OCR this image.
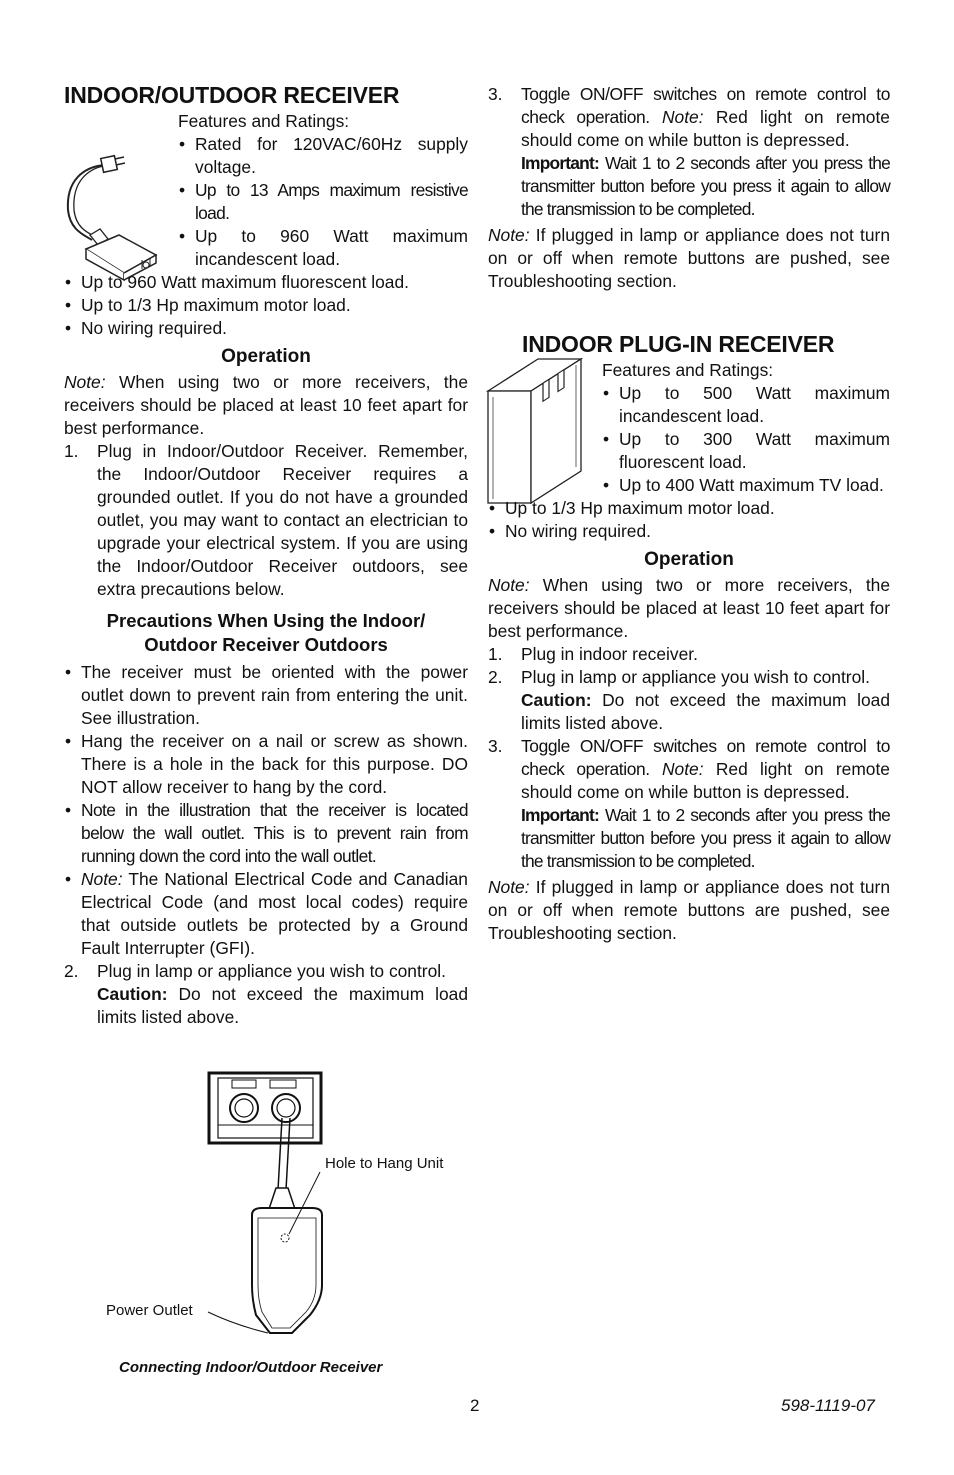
INDOOR/OUTDOOR RECEIVER
Features and Ratings:
• Rated for 120VAC/60Hz supply voltage.
• Up to 13 Amps maximum resistive load.
• Up to 960 Watt maximum incandescent load.
• Up to 960 Watt maximum fluorescent load.
• Up to 1/3 Hp maximum motor load.
• No wiring required.
Operation

Note: When using two or more receivers, the receivers should be placed at least 10 feet apart for best performance.

1. Plug in Indoor/Outdoor Receiver. Remember, the Indoor/Outdoor Receiver requires a grounded outlet. If you do not have a grounded outlet, you may want to contact an electrician to upgrade your electrical system. If you are using the Indoor/Outdoor Receiver outdoors, see extra precautions below.
Precautions When Using the Indoor/
Outdoor Receiver Outdoors
• The receiver must be oriented with the power outlet down to prevent rain from entering the unit. See illustration.
• Hang the receiver on a nail or screw as shown. There is a hole in the back for this purpose. DO NOT allow receiver to hang by the cord.
• Note in the illustration that the receiver is located below the wall outlet. This is to prevent rain from running down the cord into the wall outlet.
• Note: The National Electrical Code and Canadian Electrical Code (and most local codes) require that outside outlets be protected by a Ground Fault Interrupter (GFI).
2. Plug in lamp or appliance you wish to control.
Caution: Do not exceed the maximum load limits listed above.
Hole to Hang Unit
Power Outlet
Connecting Indoor/Outdoor Receiver
3. Toggle ON/OFF switches on remote control to check operation. Note: Red light on remote should come on while button is depressed.
Important: Wait 1 to 2 seconds after you press the transmitter button before you press it again to allow the transmission to be completed.

Note: If plugged in lamp or appliance does not turn on or off when remote buttons are pushed, see Troubleshooting section.

INDOOR PLUG-IN RECEIVER
Features and Ratings:
• Up to 500 Watt maximum incandescent load.
• Up to 300 Watt maximum fluorescent load.
• Up to 400 Watt maximum TV load.
• Up to 1/3 Hp maximum motor load.
• No wiring required.
Operation

Note: When using two or more receivers, the receivers should be placed at least 10 feet apart for best performance.

1. Plug in indoor receiver.
2. Plug in lamp or appliance you wish to control.
Caution: Do not exceed the maximum load limits listed above.
3. Toggle ON/OFF switches on remote control to check operation. Note: Red light on remote should come on while button is depressed.
Important: Wait 1 to 2 seconds after you press the transmitter button before you press it again to allow the transmission to be completed.

Note: If plugged in lamp or appliance does not turn on or off when remote buttons are pushed, see Troubleshooting section.

2	598-1119-07
